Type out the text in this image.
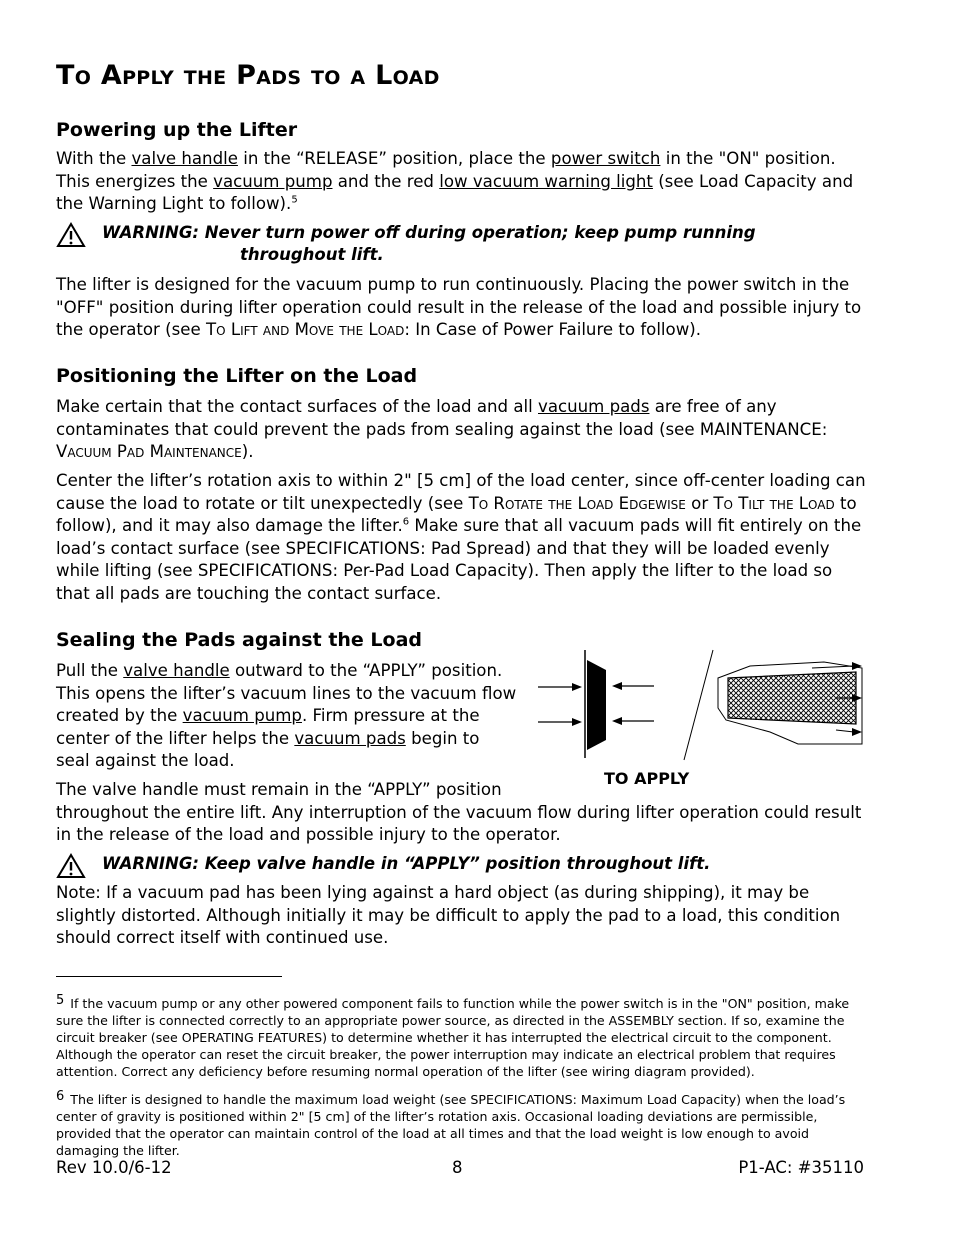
To Apply the Pads to a Load
Powering up the Lifter

With the valve handle in the “RELEASE” position, place the power switch in the "ON" position. This energizes the vacuum pump and the red low vacuum warning light (see Load Capacity and the Warning Light to follow).$^5$

WARNING: Never turn power off during operation; keep pump running
throughout lift.

The lifter is designed for the vacuum pump to run continuously. Placing the power switch in the "OFF" position during lifter operation could result in the release of the load and possible injury to the operator (see To Lift and Move the Load: In Case of Power Failure to follow).

Positioning the Lifter on the Load

Make certain that the contact surfaces of the load and all vacuum pads are free of any contaminates that could prevent the pads from sealing against the load (see MAINTENANCE: Vacuum Pad Maintenance).

Center the lifter’s rotation axis to within 2" [5 cm] of the load center, since off-center loading can cause the load to rotate or tilt unexpectedly (see To Rotate the Load Edgewise or To Tilt the Load to follow), and it may also damage the lifter.$^6$ Make sure that all vacuum pads will fit entirely on the load’s contact surface (see SPECIFICATIONS: Pad Spread) and that they will be loaded evenly while lifting (see SPECIFICATIONS: Per-Pad Load Capacity). Then apply the lifter to the load so that all pads are touching the contact surface.

Sealing the Pads against the Load

Pull the valve handle outward to the “APPLY” position. This opens the lifter’s vacuum lines to the vacuum flow created by the vacuum pump. Firm pressure at the center of the lifter helps the vacuum pads begin to seal against the load.

The valve handle must remain in the “APPLY” position
throughout the entire lift. Any interruption of the vacuum flow during lifter operation could result in the release of the load and possible injury to the operator.

WARNING: Keep valve handle in “APPLY” position throughout lift.

Note: If a vacuum pad has been lying against a hard object (as during shipping), it may be slightly distorted. Although initially it may be difficult to apply the pad to a load, this condition should correct itself with continued use.

5 If the vacuum pump or any other powered component fails to function while the power switch is in the "ON" position, make sure the lifter is connected correctly to an appropriate power source, as directed in the ASSEMBLY section. If so, examine the circuit breaker (see OPERATING FEATURES) to determine whether it has interrupted the electrical circuit to the component. Although the operator can reset the circuit breaker, the power interruption may indicate an electrical problem that requires attention. Correct any deficiency before resuming normal operation of the lifter (see wiring diagram provided).

6 The lifter is designed to handle the maximum load weight (see SPECIFICATIONS: Maximum Load Capacity) when the load’s center of gravity is positioned within 2" [5 cm] of the lifter’s rotation axis. Occasional loading deviations are permissible, provided that the operator can maintain control of the load at all times and that the load weight is low enough to avoid damaging the lifter.

Rev 10.0/6-12	8	P1-AC: #35110
TO APPLY
